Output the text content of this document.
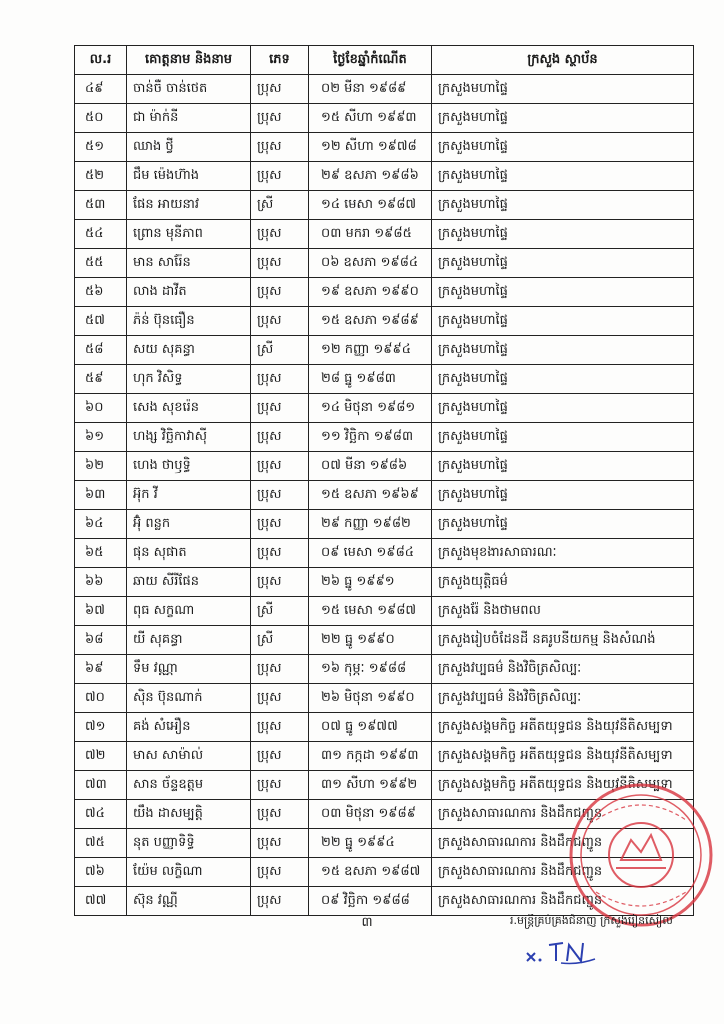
ល.រ	គោត្តនាម និងនាម	ភេទ	ថ្ងៃខែឆ្នាំកំណើត	ក្រសួង ស្ថាប័ន
៤៩	ចាន់ចឺ ចាន់ថេត	ប្រុស	០២ មីនា ១៩៨៩	ក្រសួងមហាផ្ទៃ
៥០	ជា ម៉ាក់នី	ប្រុស	១៥ សីហា ១៩៩៣	ក្រសួងមហាផ្ទៃ
៥១	ឈាង ថ្វី	ប្រុស	១២ សីហា ១៩៧៨	ក្រសួងមហាផ្ទៃ
៥២	ជឹម ម៉េងហ៊ាង	ប្រុស	២៩ ឧសភា ១៩៨៦	ក្រសួងមហាផ្ទៃ
៥៣	ផែន អាយនាវ	ស្រី	១៤ មេសា ១៩៨៧	ក្រសួងមហាផ្ទៃ
៥៤	ព្រោន មុនីភាព	ប្រុស	០៣ មករា ១៩៨៥	ក្រសួងមហាផ្ទៃ
៥៥	មាន សារ៉ែន	ប្រុស	០៦ ឧសភា ១៩៨៤	ក្រសួងមហាផ្ទៃ
៥៦	លាង ដាវីត	ប្រុស	១៩ ឧសភា ១៩៩០	ក្រសួងមហាផ្ទៃ
៥៧	ភ៉ន់ ប៊ុនធឿន	ប្រុស	១៥ ឧសភា ១៩៨៩	ក្រសួងមហាផ្ទៃ
៥៨	សយ សុគន្ធា	ស្រី	១២ កញ្ញា ១៩៩៤	ក្រសួងមហាផ្ទៃ
៥៩	ហុក វិសិទ្ធ	ប្រុស	២៨ ធ្នូ ១៩៨៣	ក្រសួងមហាផ្ទៃ
៦០	សេង សុខរ៉េន	ប្រុស	១៤ មិថុនា ១៩៨១	ក្រសួងមហាផ្ទៃ
៦១	ហង្ស វិច្ឆិកាវាស៊ី	ប្រុស	១១ វិច្ឆិកា ១៩៨៣	ក្រសួងមហាផ្ទៃ
៦២	ហេង ថាឫទ្ធិ	ប្រុស	០៧ មីនា ១៩៨៦	ក្រសួងមហាផ្ទៃ
៦៣	អ៊ុក វី	ប្រុស	១៥ ឧសភា ១៩៦៩	ក្រសួងមហាផ្ទៃ
៦៤	អ៊ុំ ពន្លក	ប្រុស	២៩ កញ្ញា ១៩៨២	ក្រសួងមហាផ្ទៃ
៦៥	ផុន សុផាត	ប្រុស	០៩ មេសា ១៩៨៤	ក្រសួងមុខងារសាធារណៈ
៦៦	ឆាយ សីរីផែន	ប្រុស	២៦ ធ្នូ ១៩៩១	ក្រសួងយុត្តិធម៌
៦៧	ពុធ សក្ខណា	ស្រី	១៥ មេសា ១៩៨៧	ក្រសួងរ៉ែ និងថាមពល
៦៨	យី សុគន្ធា	ស្រី	២២ ធ្នូ ១៩៩០	ក្រសួងរៀបចំដែនដី នគរូបនីយកម្ម និងសំណង់
៦៩	ទឹម វណ្ណា	ប្រុស	១៦ កុម្ភៈ ១៩៨៨	ក្រសួងវប្បធម៌ និងវិចិត្រសិល្បៈ
៧០	ស៊ិន ប៊ុនណាក់	ប្រុស	២៦ មិថុនា ១៩៩០	ក្រសួងវប្បធម៌ និងវិចិត្រសិល្បៈ
៧១	គង់ សំអឿន	ប្រុស	០៧ ធ្នូ ១៩៧៧	ក្រសួងសង្គមកិច្ច អតីតយុទ្ធជន និងយុវនីតិសម្បទា
៧២	មាស សាម៉ាល់	ប្រុស	៣១ កក្កដា ១៩៩៣	ក្រសួងសង្គមកិច្ច អតីតយុទ្ធជន និងយុវនីតិសម្បទា
៧៣	សាន ច័ន្ទឧត្តម	ប្រុស	៣១ សីហា ១៩៩២	ក្រសួងសង្គមកិច្ច អតីតយុទ្ធជន និងយុវនីតិសម្បទា
៧៤	យឹង ដាសម្បត្តិ	ប្រុស	០៣ មិថុនា ១៩៨៩	ក្រសួងសាធារណការ និងដឹកជញ្ជូន
៧៥	នុត បញ្ញាទិទ្ធិ	ប្រុស	២២ ធ្នូ ១៩៩៤	ក្រសួងសាធារណការ និងដឹកជញ្ជូន
៧៦	យ៉ែម លក្ខិណា	ប្រុស	១៥ ឧសភា ១៩៨៧	ក្រសួងសាធារណការ និងដឹកជញ្ជូន
៧៧	ស៊ុន វណ្ណី	ប្រុស	០៩ វិច្ឆិកា ១៩៨៨	ក្រសួងសាធារណការ និងដឹកជញ្ជូន
៣	រ.មន្ត្រីគ្រប់គ្រងជំនាញ ក្រសួងរៀនសៀល
